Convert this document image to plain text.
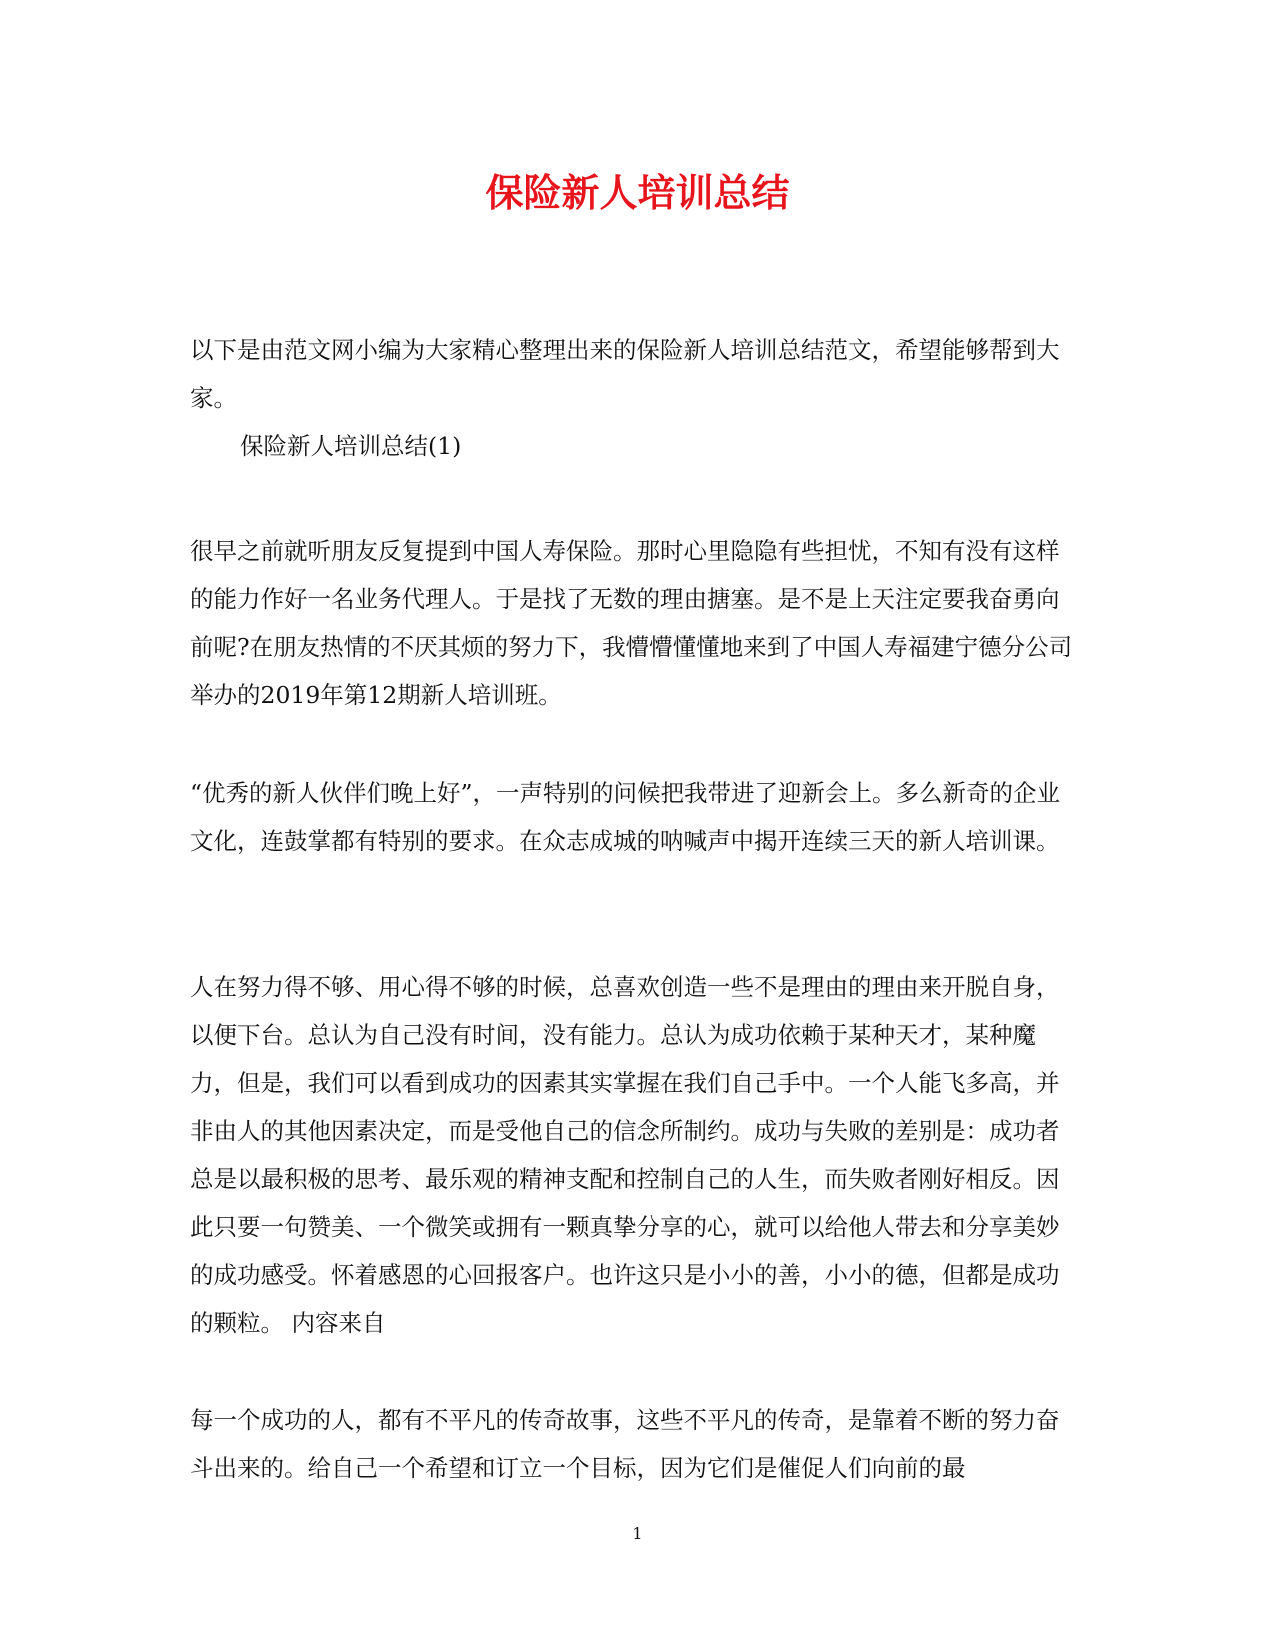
保险新人培训总结

以下是由范文网小编为大家精心整理出来的保险新人培训总结范文，希望能够帮到大家。

保险新人培训总结(1)

很早之前就听朋友反复提到中国人寿保险。那时心里隐隐有些担忧，不知有没有这样的能力作好一名业务代理人。于是找了无数的理由搪塞。是不是上天注定要我奋勇向前呢?在朋友热情的不厌其烦的努力下，我懵懵懂懂地来到了中国人寿福建宁德分公司举办的2019年第12期新人培训班。

“优秀的新人伙伴们晚上好”，一声特别的问候把我带进了迎新会上。多么新奇的企业文化，连鼓掌都有特别的要求。在众志成城的呐喊声中揭开连续三天的新人培训课。

人在努力得不够、用心得不够的时候，总喜欢创造一些不是理由的理由来开脱自身，以便下台。总认为自己没有时间，没有能力。总认为成功依赖于某种天才，某种魔力，但是，我们可以看到成功的因素其实掌握在我们自己手中。一个人能飞多高，并非由人的其他因素决定，而是受他自己的信念所制约。成功与失败的差别是：成功者总是以最积极的思考、最乐观的精神支配和控制自己的人生，而失败者刚好相反。因此只要一句赞美、一个微笑或拥有一颗真挚分享的心，就可以给他人带去和分享美妙的成功感受。怀着感恩的心回报客户。也许这只是小小的善，小小的德，但都是成功的颗粒。 内容来自

每一个成功的人，都有不平凡的传奇故事，这些不平凡的传奇，是靠着不断的努力奋斗出来的。给自己一个希望和订立一个目标，因为它们是催促人们向前的最

1
